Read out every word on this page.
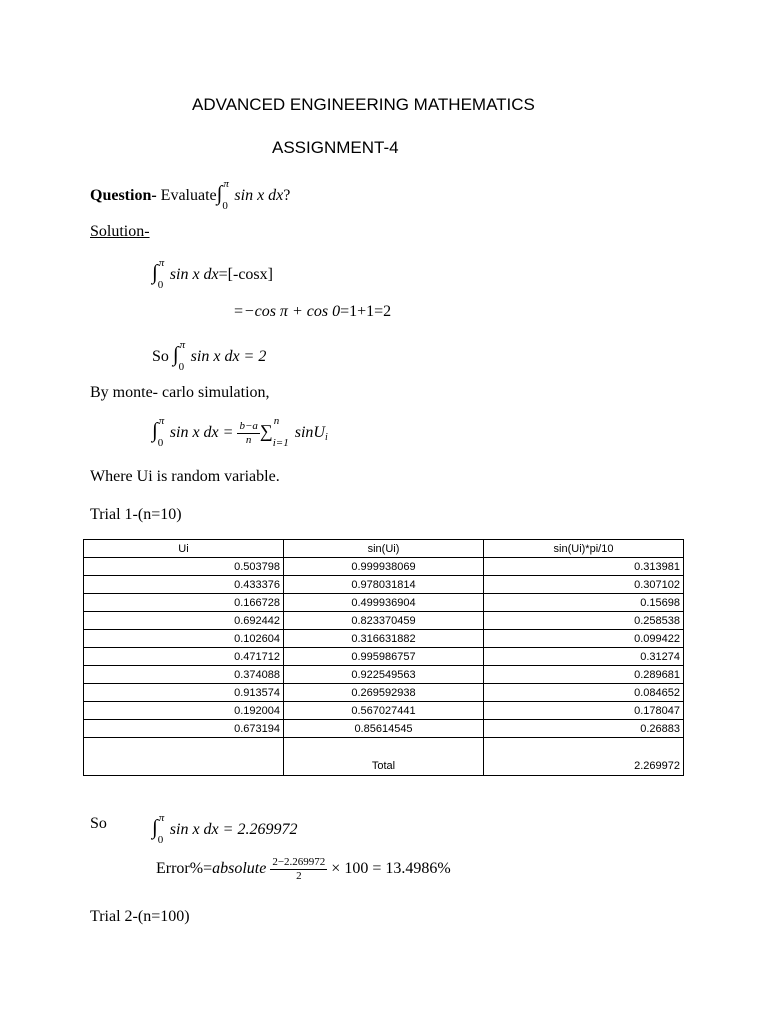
ADVANCED ENGINEERING MATHEMATICS
ASSIGNMENT-4
Question- Evaluate∫ π
0
sin x dx?
Solution-
∫ π
0
sin x dx=[-cosx]
=−cos π + cos 0=1+1=2
So ∫ π
0
sin x dx = 2
By monte- carlo simulation,
∫ π
0
sin x dx = $\frac{b-a}{n}$ ∑ n
i=1
sinU$_i$
Where Ui is random variable.
Trial 1-(n=10)
Ui	sin(Ui)	sin(Ui)*pi/10
0.503798	0.999938069	0.313981
0.433376	0.978031814	0.307102
0.166728	0.499936904	0.15698
0.692442	0.823370459	0.258538
0.102604	0.316631882	0.099422
0.471712	0.995986757	0.31274
0.374088	0.922549563	0.289681
0.913574	0.269592938	0.084652
0.192004	0.567027441	0.178047
0.673194	0.85614545	0.26883
	Total	2.269972
So ∫ π
0
sin x dx = 2.269972
Error%=absolute $\frac{2-2.269972}{2} \times 100 = 13.4986\%$
Trial 2-(n=100)
